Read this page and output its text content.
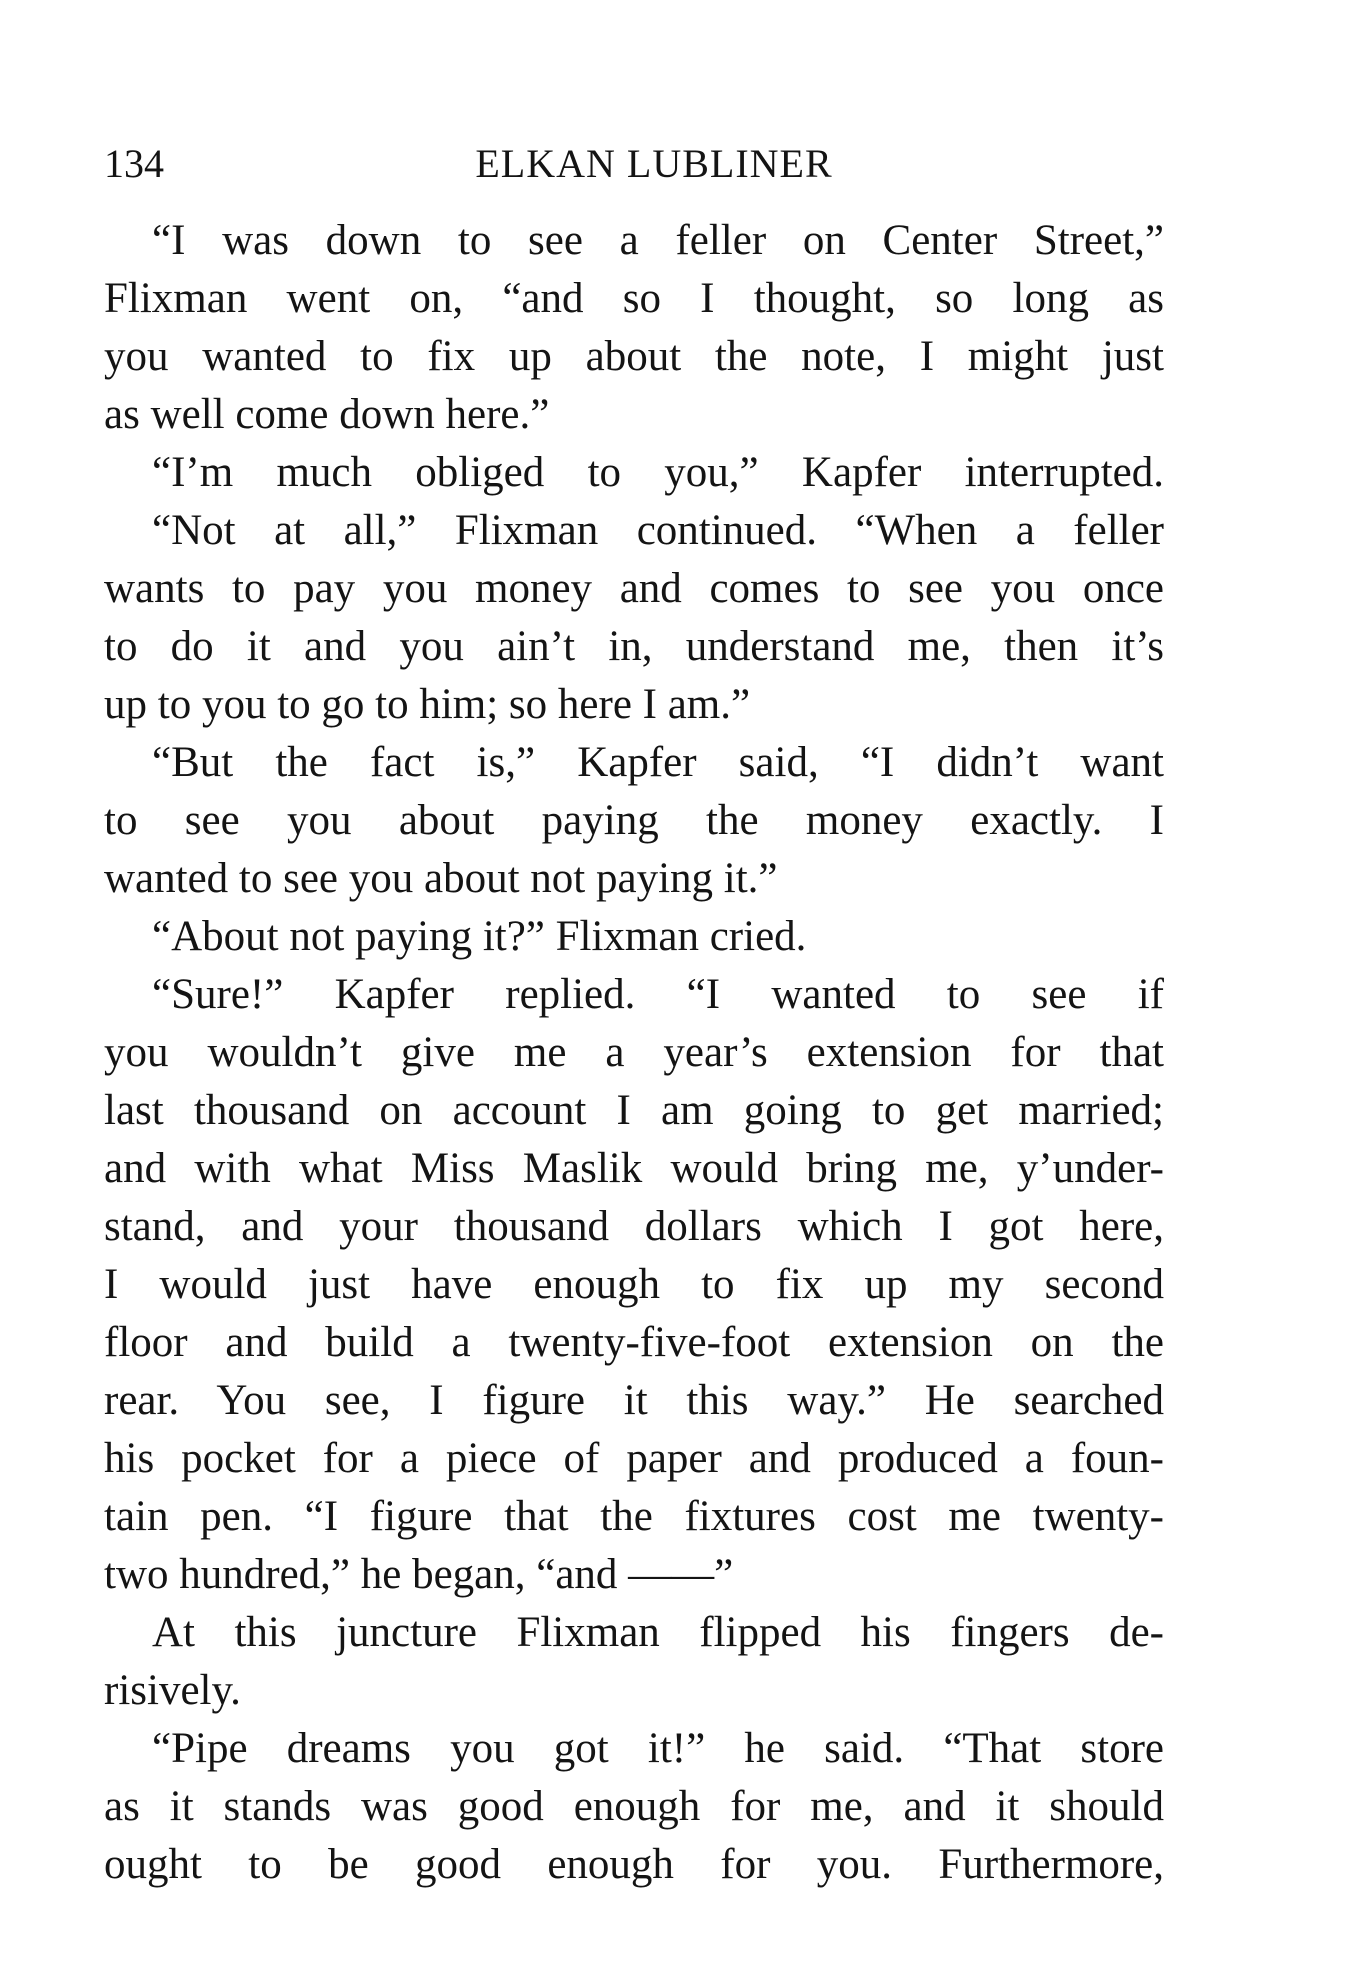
134	ELKAN LUBLINER
“I was down to see a feller on Center Street,”
Flixman went on, “and so I thought, so long as
you wanted to fix up about the note, I might just
as well come down here.”
“I’m much obliged to you,” Kapfer interrupted.
“Not at all,” Flixman continued. “When a feller
wants to pay you money and comes to see you once
to do it and you ain’t in, understand me, then it’s
up to you to go to him; so here I am.”
“But the fact is,” Kapfer said, “I didn’t want
to see you about paying the money exactly. I
wanted to see you about not paying it.”
“About not paying it?” Flixman cried.
“Sure!” Kapfer replied. “I wanted to see if
you wouldn’t give me a year’s extension for that
last thousand on account I am going to get married;
and with what Miss Maslik would bring me, y’under-
stand, and your thousand dollars which I got here,
I would just have enough to fix up my second
floor and build a twenty-five-foot extension on the
rear. You see, I figure it this way.” He searched
his pocket for a piece of paper and produced a foun-
tain pen. “I figure that the fixtures cost me twenty-
two hundred,” he began, “and ——”
At this juncture Flixman flipped his fingers de-
risively.
“Pipe dreams you got it!” he said. “That store
as it stands was good enough for me, and it should
ought to be good enough for you. Furthermore,
